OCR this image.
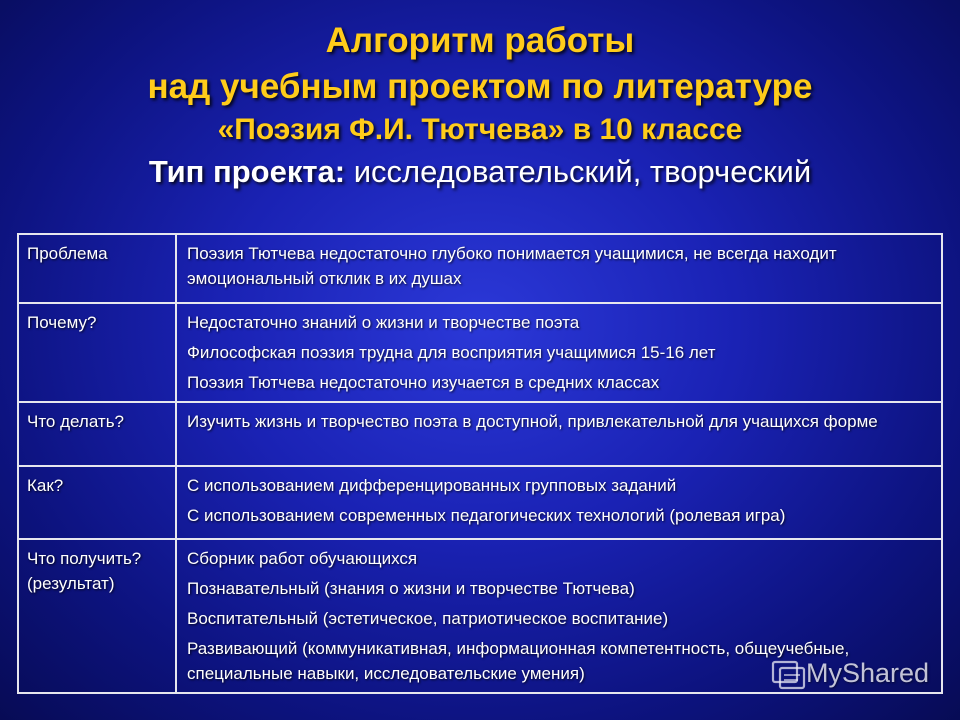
Алгоритм работы
над учебным проектом по литературе
«Поэзия Ф.И. Тютчева» в 10 классе
Тип проекта: исследовательский, творческий
Проблема	Поэзия Тютчева недостаточно глубоко понимается учащимися, не всегда находит эмоциональный отклик в их душах

Почему?	Недостаточно знаний о жизни и творчестве поэта
Философская поэзия трудна для восприятия учащимися 15-16 лет
Поэзия Тютчева недостаточно изучается в средних классах

Что делать?	Изучить жизнь и творчество поэта в доступной, привлекательной для учащихся форме

Как?	С использованием дифференцированных групповых заданий
С использованием современных педагогических технологий (ролевая игра)

Что получить? (результат)	Сборник работ обучающихся
Познавательный (знания о жизни и творчестве Тютчева)
Воспитательный (эстетическое, патриотическое воспитание)
Развивающий (коммуникативная, информационная компетентность, общеучебные, специальные навыки, исследовательские умения)	MyShared
